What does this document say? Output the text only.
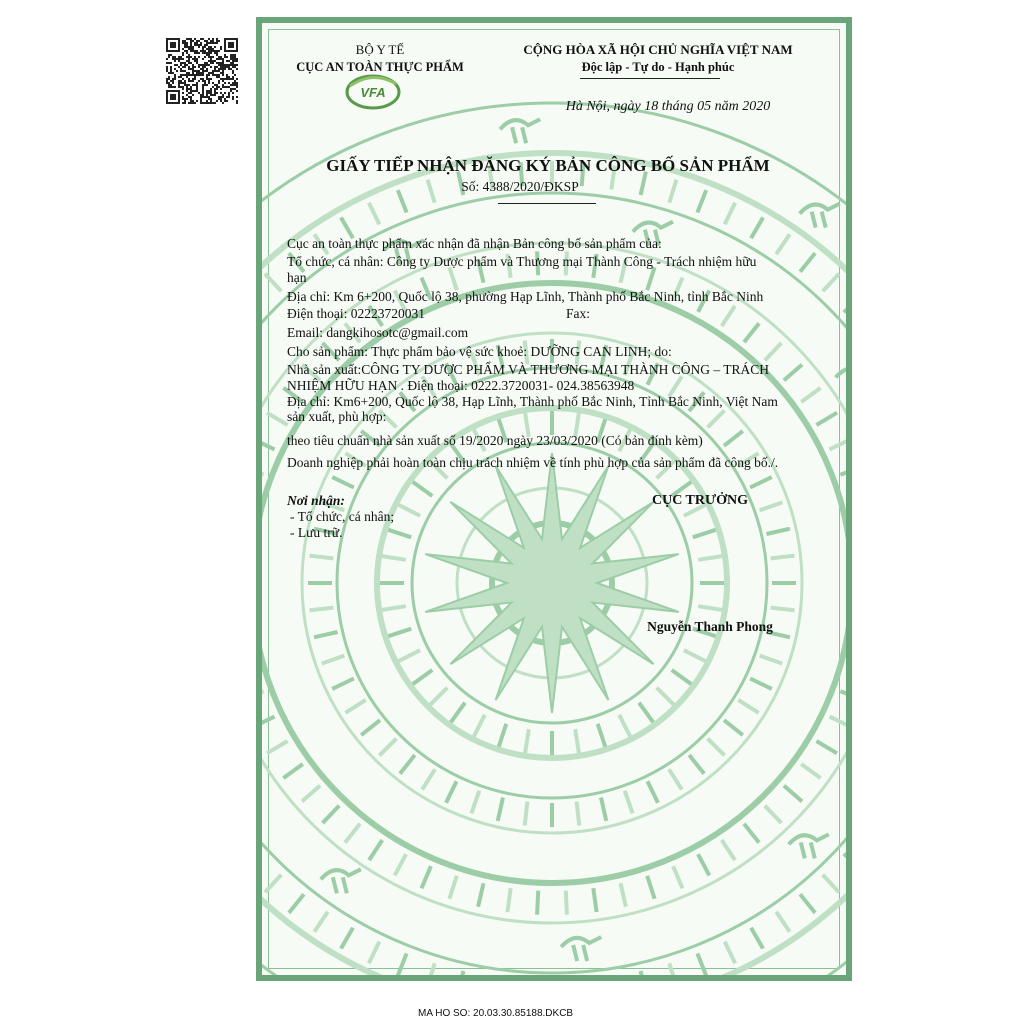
VFA
BỘ Y TẾ
CỤC AN TOÀN THỰC PHẨM
CỘNG HÒA XÃ HỘI CHỦ NGHĨA VIỆT NAM
Độc lập - Tự do - Hạnh phúc
Hà Nội, ngày 18 tháng 05 năm 2020
GIẤY TIẾP NHẬN ĐĂNG KÝ BẢN CÔNG BỐ SẢN PHẨM
Số: 4388/2020/ĐKSP
Cục an toàn thực phẩm xác nhận đã nhận Bản công bố sản phẩm của:
Tổ chức, cá nhân: Công ty Dược phẩm và Thương mại Thành Công - Trách nhiệm hữu
hạn
Địa chỉ: Km 6+200, Quốc lộ 38, phường Hạp Lĩnh, Thành phố Bắc Ninh, tỉnh Bắc Ninh
Điện thoại: 02223720031	Fax:
Email: dangkihosotc@gmail.com
Cho sản phẩm: Thực phẩm bảo vệ sức khoẻ: DƯỠNG CAN LINH; do:
Nhà sản xuất:CÔNG TY DƯỢC PHẨM VÀ THƯƠNG MẠI THÀNH CÔNG – TRÁCH
NHIỆM HỮU HẠN . Điện thoại: 0222.3720031- 024.38563948
Địa chỉ: Km6+200, Quốc lộ 38, Hạp Lĩnh, Thành phố Bắc Ninh, Tỉnh Bắc Ninh, Việt Nam
sản xuất, phù hợp:
theo tiêu chuẩn nhà sản xuất số 19/2020 ngày 23/03/2020 (Có bản đính kèm)
Doanh nghiệp phải hoàn toàn chịu trách nhiệm về tính phù hợp của sản phẩm đã công bố./.
Nơi nhận:
- Tổ chức, cá nhân;
- Lưu trữ.
CỤC TRƯỞNG
Nguyễn Thanh Phong
MA HO SO: 20.03.30.85188.DKCB
